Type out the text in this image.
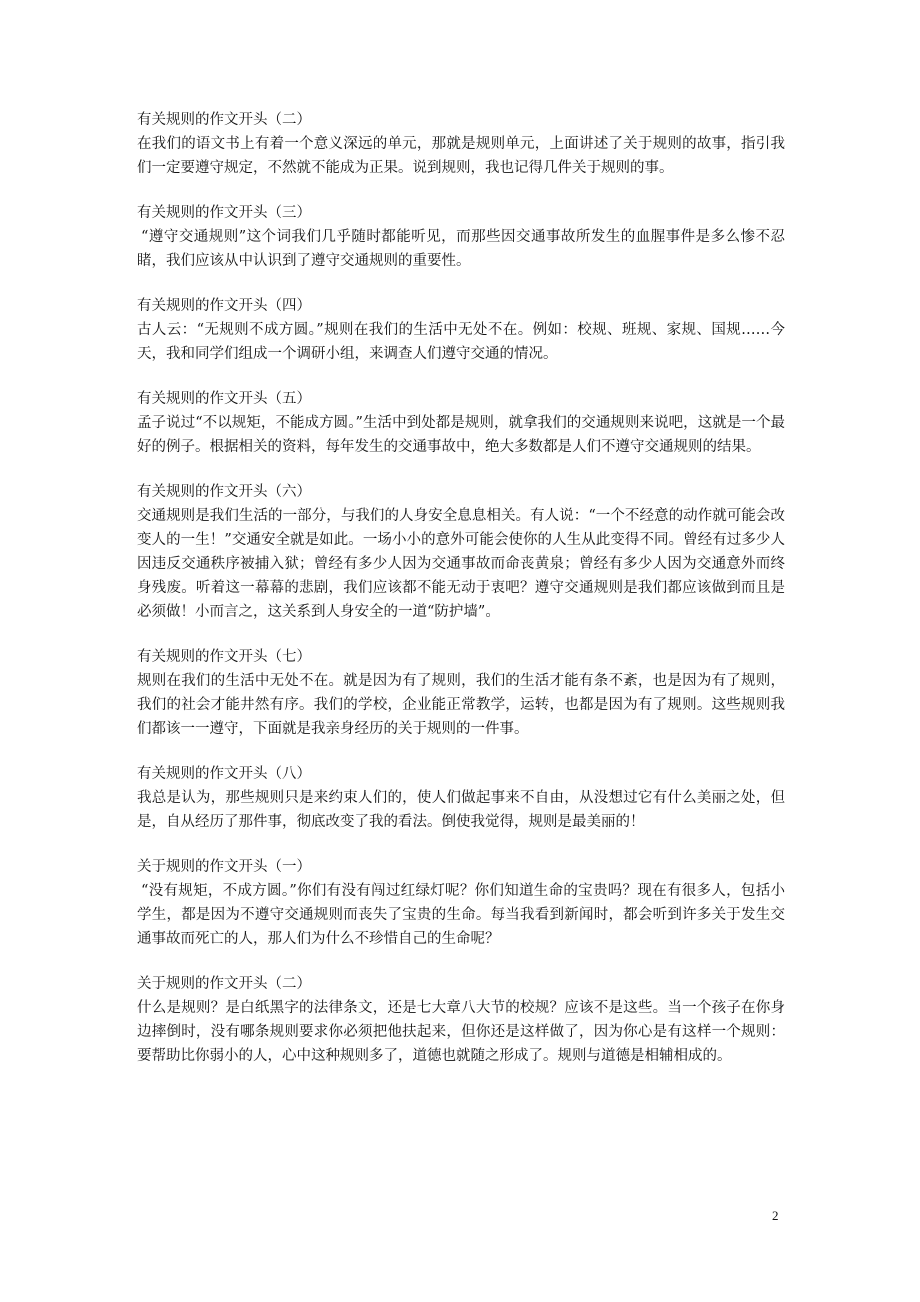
有关规则的作文开头（二）
在我们的语文书上有着一个意义深远的单元，那就是规则单元，上面讲述了关于规则的故事，指引我们一定要遵守规定，不然就不能成为正果。说到规则，我也记得几件关于规则的事。
有关规则的作文开头（三）
“遵守交通规则”这个词我们几乎随时都能听见，而那些因交通事故所发生的血腥事件是多么惨不忍睹，我们应该从中认识到了遵守交通规则的重要性。
有关规则的作文开头（四）
古人云：“无规则不成方圆。”规则在我们的生活中无处不在。例如：校规、班规、家规、国规……今天，我和同学们组成一个调研小组，来调查人们遵守交通的情况。
有关规则的作文开头（五）
孟子说过“不以规矩，不能成方圆。”生活中到处都是规则，就拿我们的交通规则来说吧，这就是一个最好的例子。根据相关的资料，每年发生的交通事故中，绝大多数都是人们不遵守交通规则的结果。
有关规则的作文开头（六）
交通规则是我们生活的一部分，与我们的人身安全息息相关。有人说：“一个不经意的动作就可能会改变人的一生！”交通安全就是如此。一场小小的意外可能会使你的人生从此变得不同。曾经有过多少人因违反交通秩序被捕入狱；曾经有多少人因为交通事故而命丧黄泉；曾经有多少人因为交通意外而终身残废。听着这一幕幕的悲剧，我们应该都不能无动于衷吧？遵守交通规则是我们都应该做到而且是必须做！小而言之，这关系到人身安全的一道“防护墙”。
有关规则的作文开头（七）
规则在我们的生活中无处不在。就是因为有了规则，我们的生活才能有条不紊，也是因为有了规则，我们的社会才能井然有序。我们的学校，企业能正常教学，运转，也都是因为有了规则。这些规则我们都该一一遵守，下面就是我亲身经历的关于规则的一件事。
有关规则的作文开头（八）
我总是认为，那些规则只是来约束人们的，使人们做起事来不自由，从没想过它有什么美丽之处，但是，自从经历了那件事，彻底改变了我的看法。倒使我觉得，规则是最美丽的！
关于规则的作文开头（一）
“没有规矩，不成方圆。”你们有没有闯过红绿灯呢？你们知道生命的宝贵吗？现在有很多人，包括小学生，都是因为不遵守交通规则而丧失了宝贵的生命。每当我看到新闻时，都会听到许多关于发生交通事故而死亡的人，那人们为什么不珍惜自己的生命呢？
关于规则的作文开头（二）
什么是规则？是白纸黑字的法律条文，还是七大章八大节的校规？应该不是这些。当一个孩子在你身边摔倒时，没有哪条规则要求你必须把他扶起来，但你还是这样做了，因为你心是有这样一个规则：要帮助比你弱小的人，心中这种规则多了，道德也就随之形成了。规则与道德是相辅相成的。
2
